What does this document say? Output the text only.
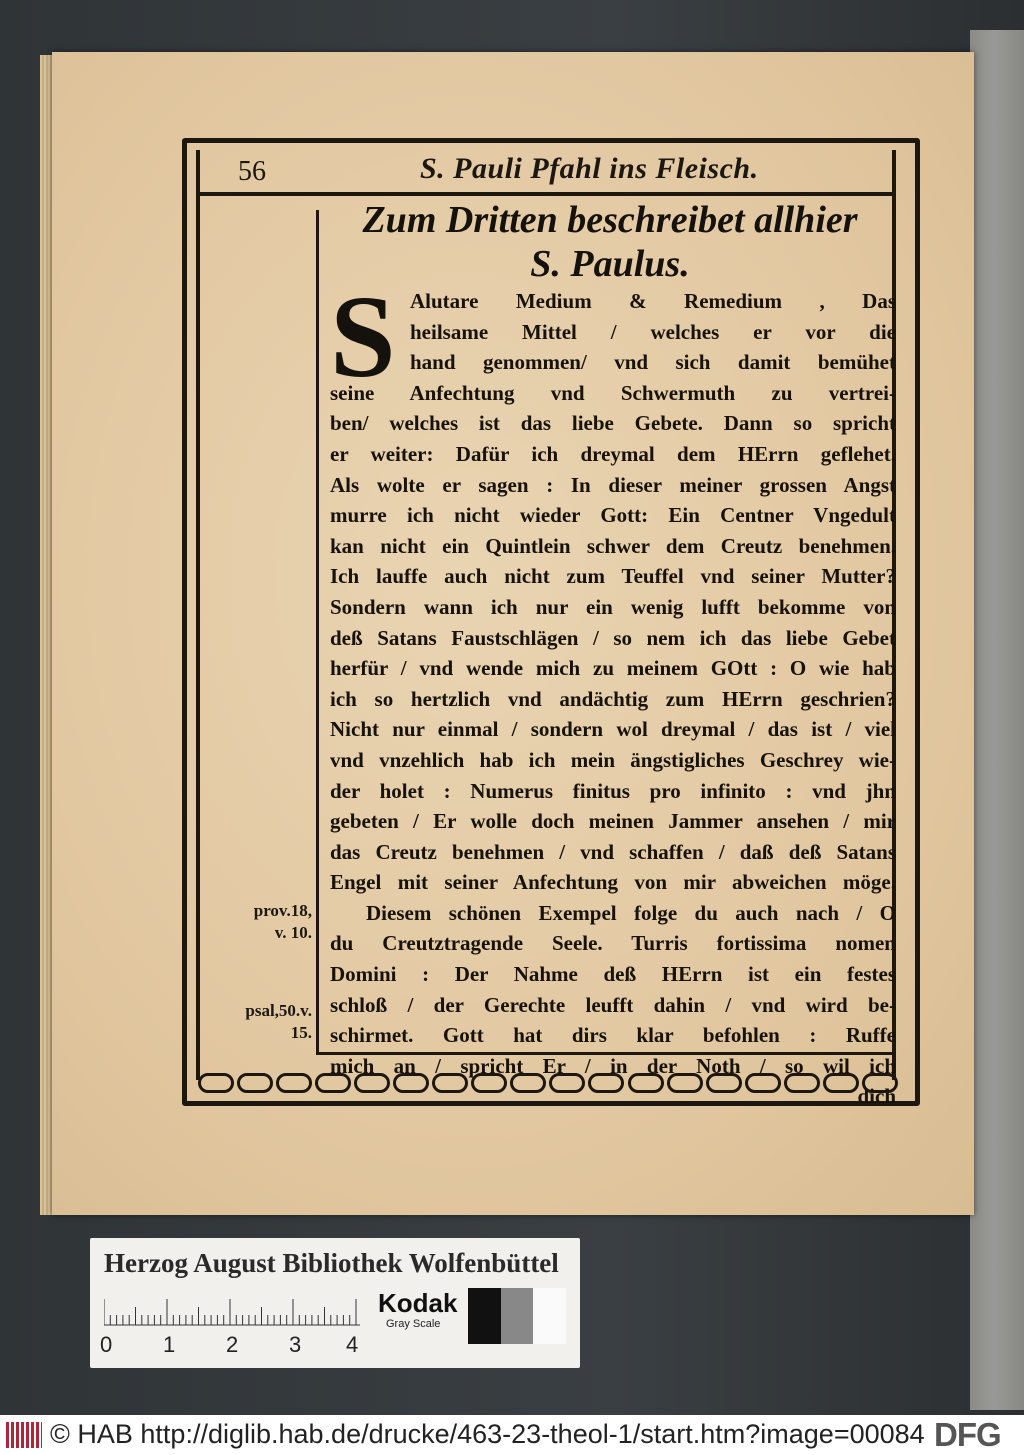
56	S. Pauli Pfahl ins Fleisch.
Zum Dritten beschreibet allhier
S. Paulus.
S Alutare Medium & Remedium , Das
heilsame Mittel / welches er vor die
hand genommen/ vnd sich damit bemühet
seine Anfechtung vnd Schwermuth zu vertrei-
ben/ welches ist das liebe Gebete. Dann so spricht
er weiter: Dafür ich dreymal dem HErrn geflehet.
Als wolte er sagen : In dieser meiner grossen Angst
murre ich nicht wieder Gott: Ein Centner Vngedult
kan nicht ein Quintlein schwer dem Creutz benehmen.
Ich lauffe auch nicht zum Teuffel vnd seiner Mutter?
Sondern wann ich nur ein wenig lufft bekomme von
deß Satans Faustschlägen / so nem ich das liebe Gebet
herfür / vnd wende mich zu meinem GOtt : O wie hab
ich so hertzlich vnd andächtig zum HErrn geschrien?
Nicht nur einmal / sondern wol dreymal / das ist / viel
vnd vnzehlich hab ich mein ängstigliches Geschrey wie-
der holet : Numerus finitus pro infinito : vnd jhn
gebeten / Er wolle doch meinen Jammer ansehen / mir
das Creutz benehmen / vnd schaffen / daß deß Satans
Engel mit seiner Anfechtung von mir abweichen möge.
Diesem schönen Exempel folge du auch nach / O
du Creutztragende Seele. Turris fortissima nomen
Domini : Der Nahme deß HErrn ist ein festes
schloß / der Gerechte leufft dahin / vnd wird be-
schirmet. Gott hat dirs klar befohlen : Ruffe
mich an / spricht Er / in der Noth / so wil ich
dich
prov.18,
v. 10.
psal,50.v.
15.
Herzog August Bibliothek Wolfenbüttel
0 1 2 3 4
Kodak
Gray Scale
© HAB http://diglib.hab.de/drucke/463-23-theol-1/start.htm?image=00084 DFG
